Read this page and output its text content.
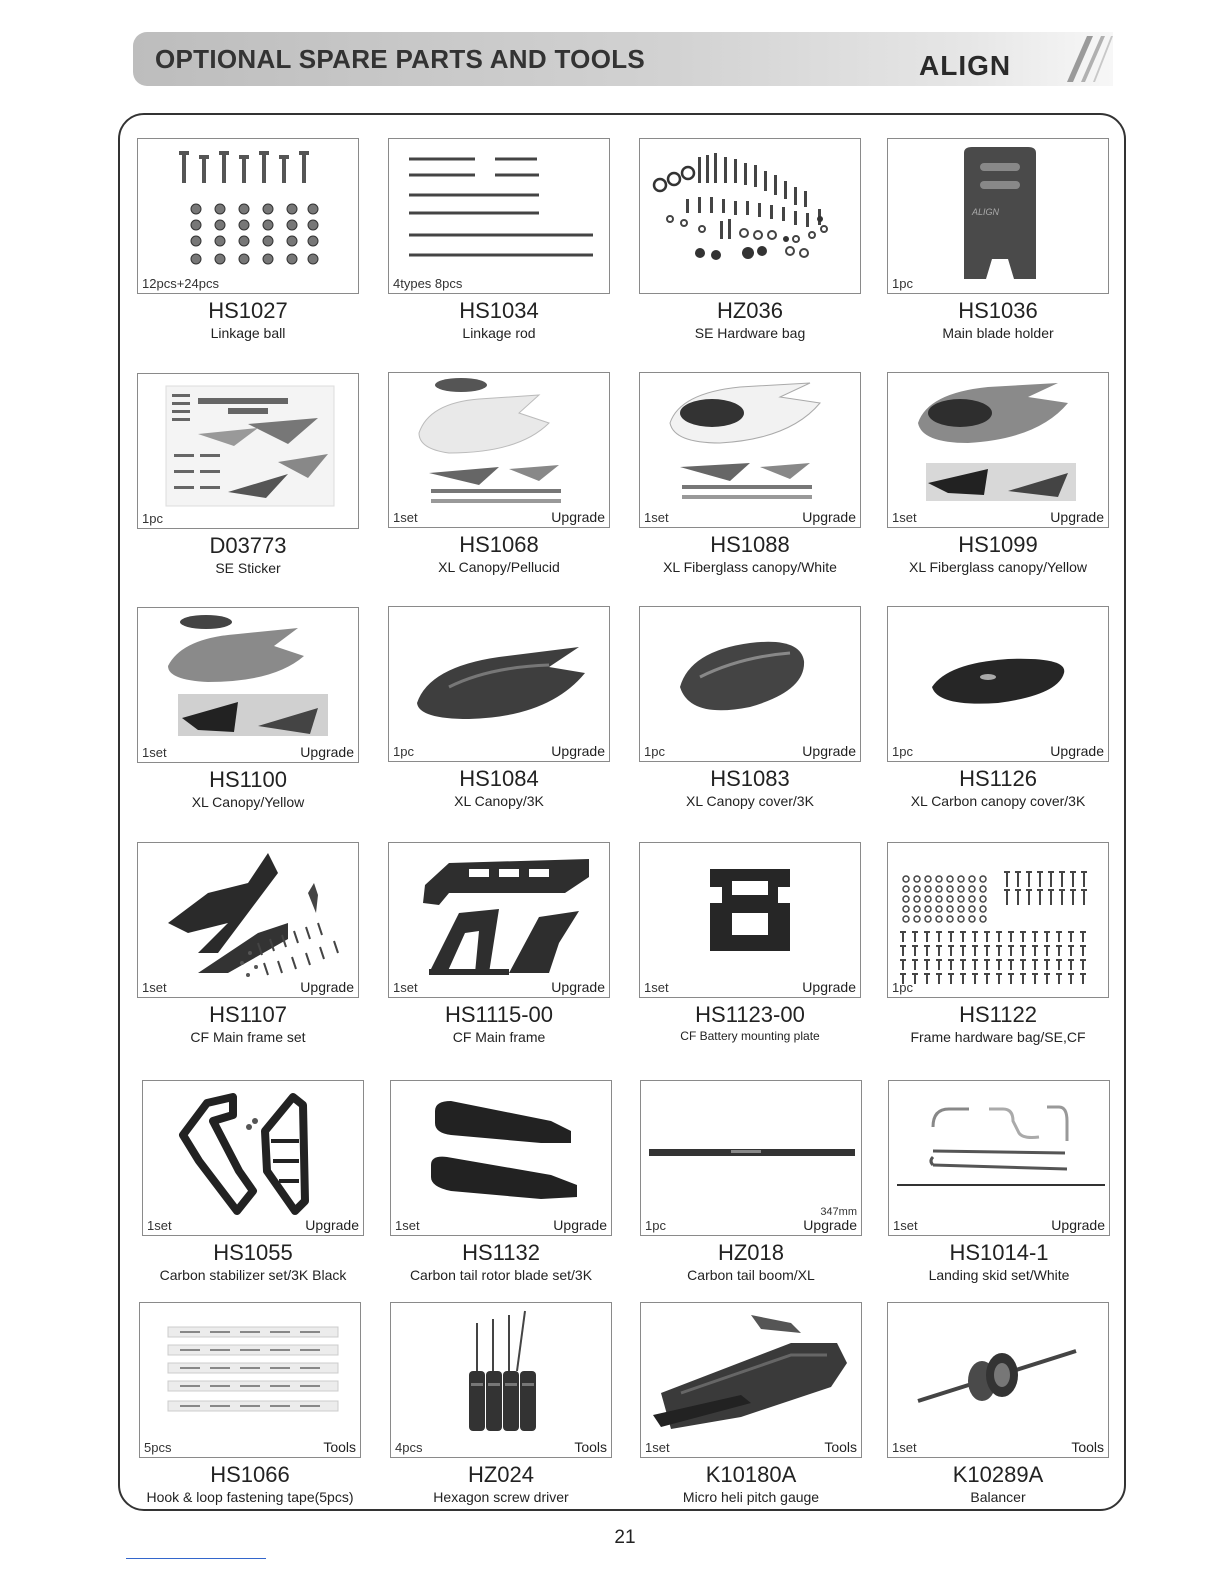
OPTIONAL SPARE PARTS AND TOOLS	ALIGN
12pcs+24pcs
HS1027
Linkage ball
4types 8pcs
HS1034
Linkage rod
HZ036
SE Hardware bag
ALIGN
1pc
HS1036
Main blade holder
1pc
D03773
SE Sticker
1set	Upgrade
HS1068
XL Canopy/Pellucid
1set	Upgrade
HS1088
XL Fiberglass canopy/White
1set	Upgrade
HS1099
XL Fiberglass canopy/Yellow
1set	Upgrade
HS1100
XL Canopy/Yellow
1pc	Upgrade
HS1084
XL Canopy/3K
1pc	Upgrade
HS1083
XL Canopy cover/3K
1pc	Upgrade
HS1126
XL Carbon canopy cover/3K
1set	Upgrade
HS1107
CF Main frame set
1set	Upgrade
HS1115-00
CF Main frame
1set	Upgrade
HS1123-00
CF Battery mounting plate
1pc
HS1122
Frame hardware bag/SE,CF
1set	Upgrade
HS1055
Carbon stabilizer set/3K Black
1set	Upgrade
HS1132
Carbon tail rotor blade set/3K
347mm
1pc	Upgrade
HZ018
Carbon tail boom/XL
1set	Upgrade
HS1014-1
Landing skid set/White
5pcs	Tools
HS1066
Hook & loop fastening tape(5pcs)
4pcs	Tools
HZ024
Hexagon screw driver
1set	Tools
K10180A
Micro heli pitch gauge
1set	Tools
K10289A
Balancer
21
